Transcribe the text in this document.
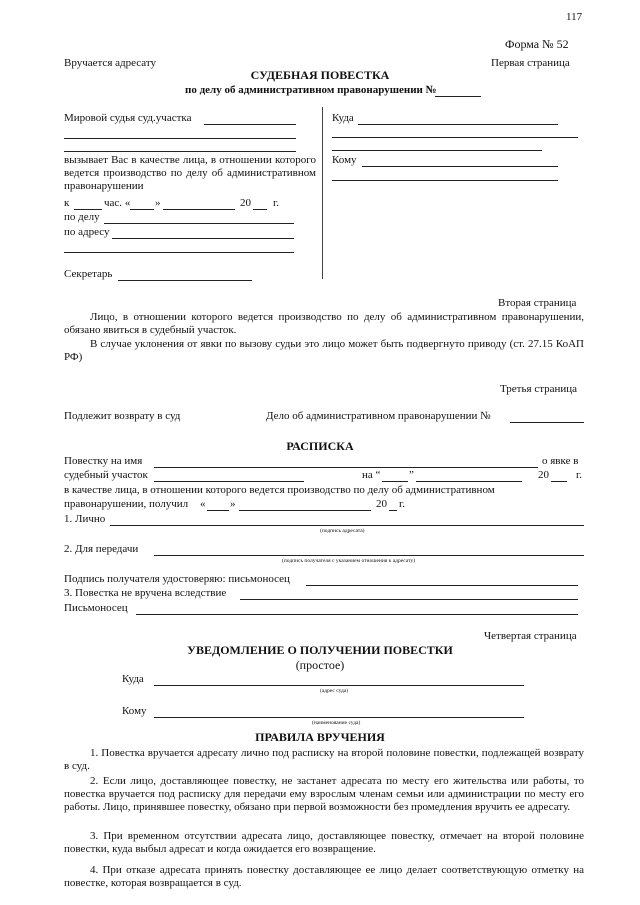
117
Форма № 52
Вручается адресату	Первая страница
СУДЕБНАЯ ПОВЕСТКА
по делу об административном правонарушении №
Мировой судья суд.участка
вызывает Вас в качестве лица, в отношении которого ведется производство по делу об административном правонарушении
к	час. « »	20 г.
по делу
по адресу
Секретарь
Куда
Кому
Вторая страница
Лицо, в отношении которого ведется производство по делу об административном правонарушении, обязано явиться в судебный участок.
В случае уклонения от явки по вызову судьи это лицо может быть подвергнуто приводу (ст. 27.15 КоАП РФ)
Третья страница
Подлежит возврату в суд	Дело об административном правонарушении №
РАСПИСКА
Повестку на имя	о явке в
судебный участок	на “	”	20 г.
в качестве лица, в отношении которого ведется производство по делу об административном
правонарушении, получил « »	20 г.
1. Лично
(подпись адресата)
2. Для передачи
(подпись получателя с указанием отношения к адресату)
Подпись получателя удостоверяю: письмоносец
3. Повестка не вручена вследствие
Письмоносец
Четвертая страница
УВЕДОМЛЕНИЕ О ПОЛУЧЕНИИ ПОВЕСТКИ
(простое)
Куда
(адрес суда)
Кому
(наименование суда)
ПРАВИЛА ВРУЧЕНИЯ
1. Повестка вручается адресату лично под расписку на второй половине повестки, подлежащей возврату в суд.
2. Если лицо, доставляющее повестку, не застанет адресата по месту его жительства или работы, то повестка вручается под расписку для передачи ему взрослым членам семьи или администрации по месту его работы. Лицо, принявшее повестку, обязано при первой возможности без промедления вручить ее адресату.
3. При временном отсутствии адресата лицо, доставляющее повестку, отмечает на второй половине повестки, куда выбыл адресат и когда ожидается его возвращение.
4. При отказе адресата принять повестку доставляющее ее лицо делает соответствующую отметку на повестке, которая возвращается в суд.
